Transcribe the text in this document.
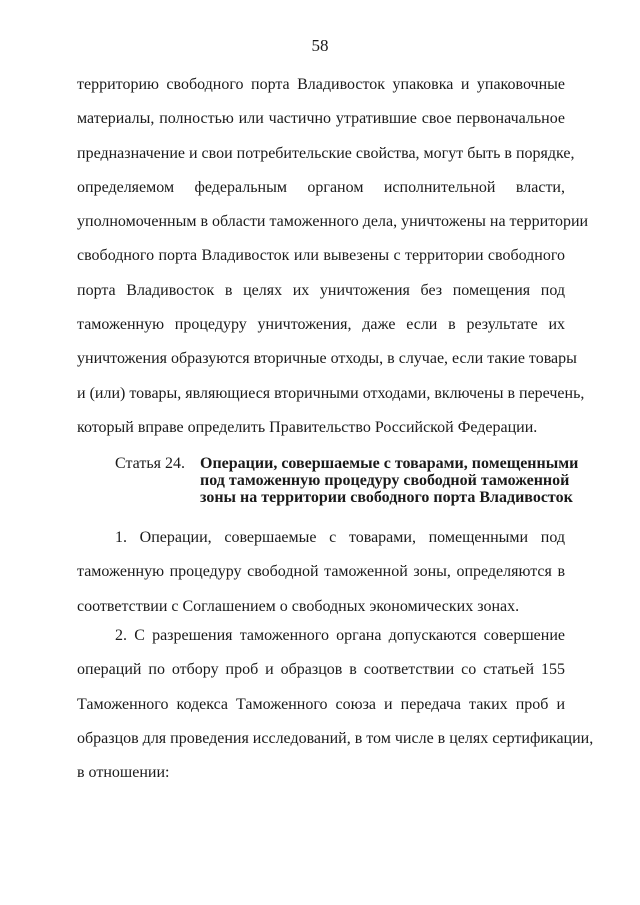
58
территорию свободного порта Владивосток упаковка и упаковочные
материалы, полностью или частично утратившие свое первоначальное
предназначение и свои потребительские свойства, могут быть в порядке,
определяемом федеральным органом исполнительной власти,
уполномоченным в области таможенного дела, уничтожены на территории
свободного порта Владивосток или вывезены с территории свободного
порта Владивосток в целях их уничтожения без помещения под
таможенную процедуру уничтожения, даже если в результате их
уничтожения образуются вторичные отходы, в случае, если такие товары
и (или) товары, являющиеся вторичными отходами, включены в перечень,
который вправе определить Правительство Российской Федерации.
Статья 24. Операции, совершаемые с товарами, помещенными
под таможенную процедуру свободной таможенной
зоны на территории свободного порта Владивосток
1. Операции, совершаемые с товарами, помещенными под
таможенную процедуру свободной таможенной зоны, определяются в
соответствии с Соглашением о свободных экономических зонах.
2. С разрешения таможенного органа допускаются совершение
операций по отбору проб и образцов в соответствии со статьей 155
Таможенного кодекса Таможенного союза и передача таких проб и
образцов для проведения исследований, в том числе в целях сертификации,
в отношении:
